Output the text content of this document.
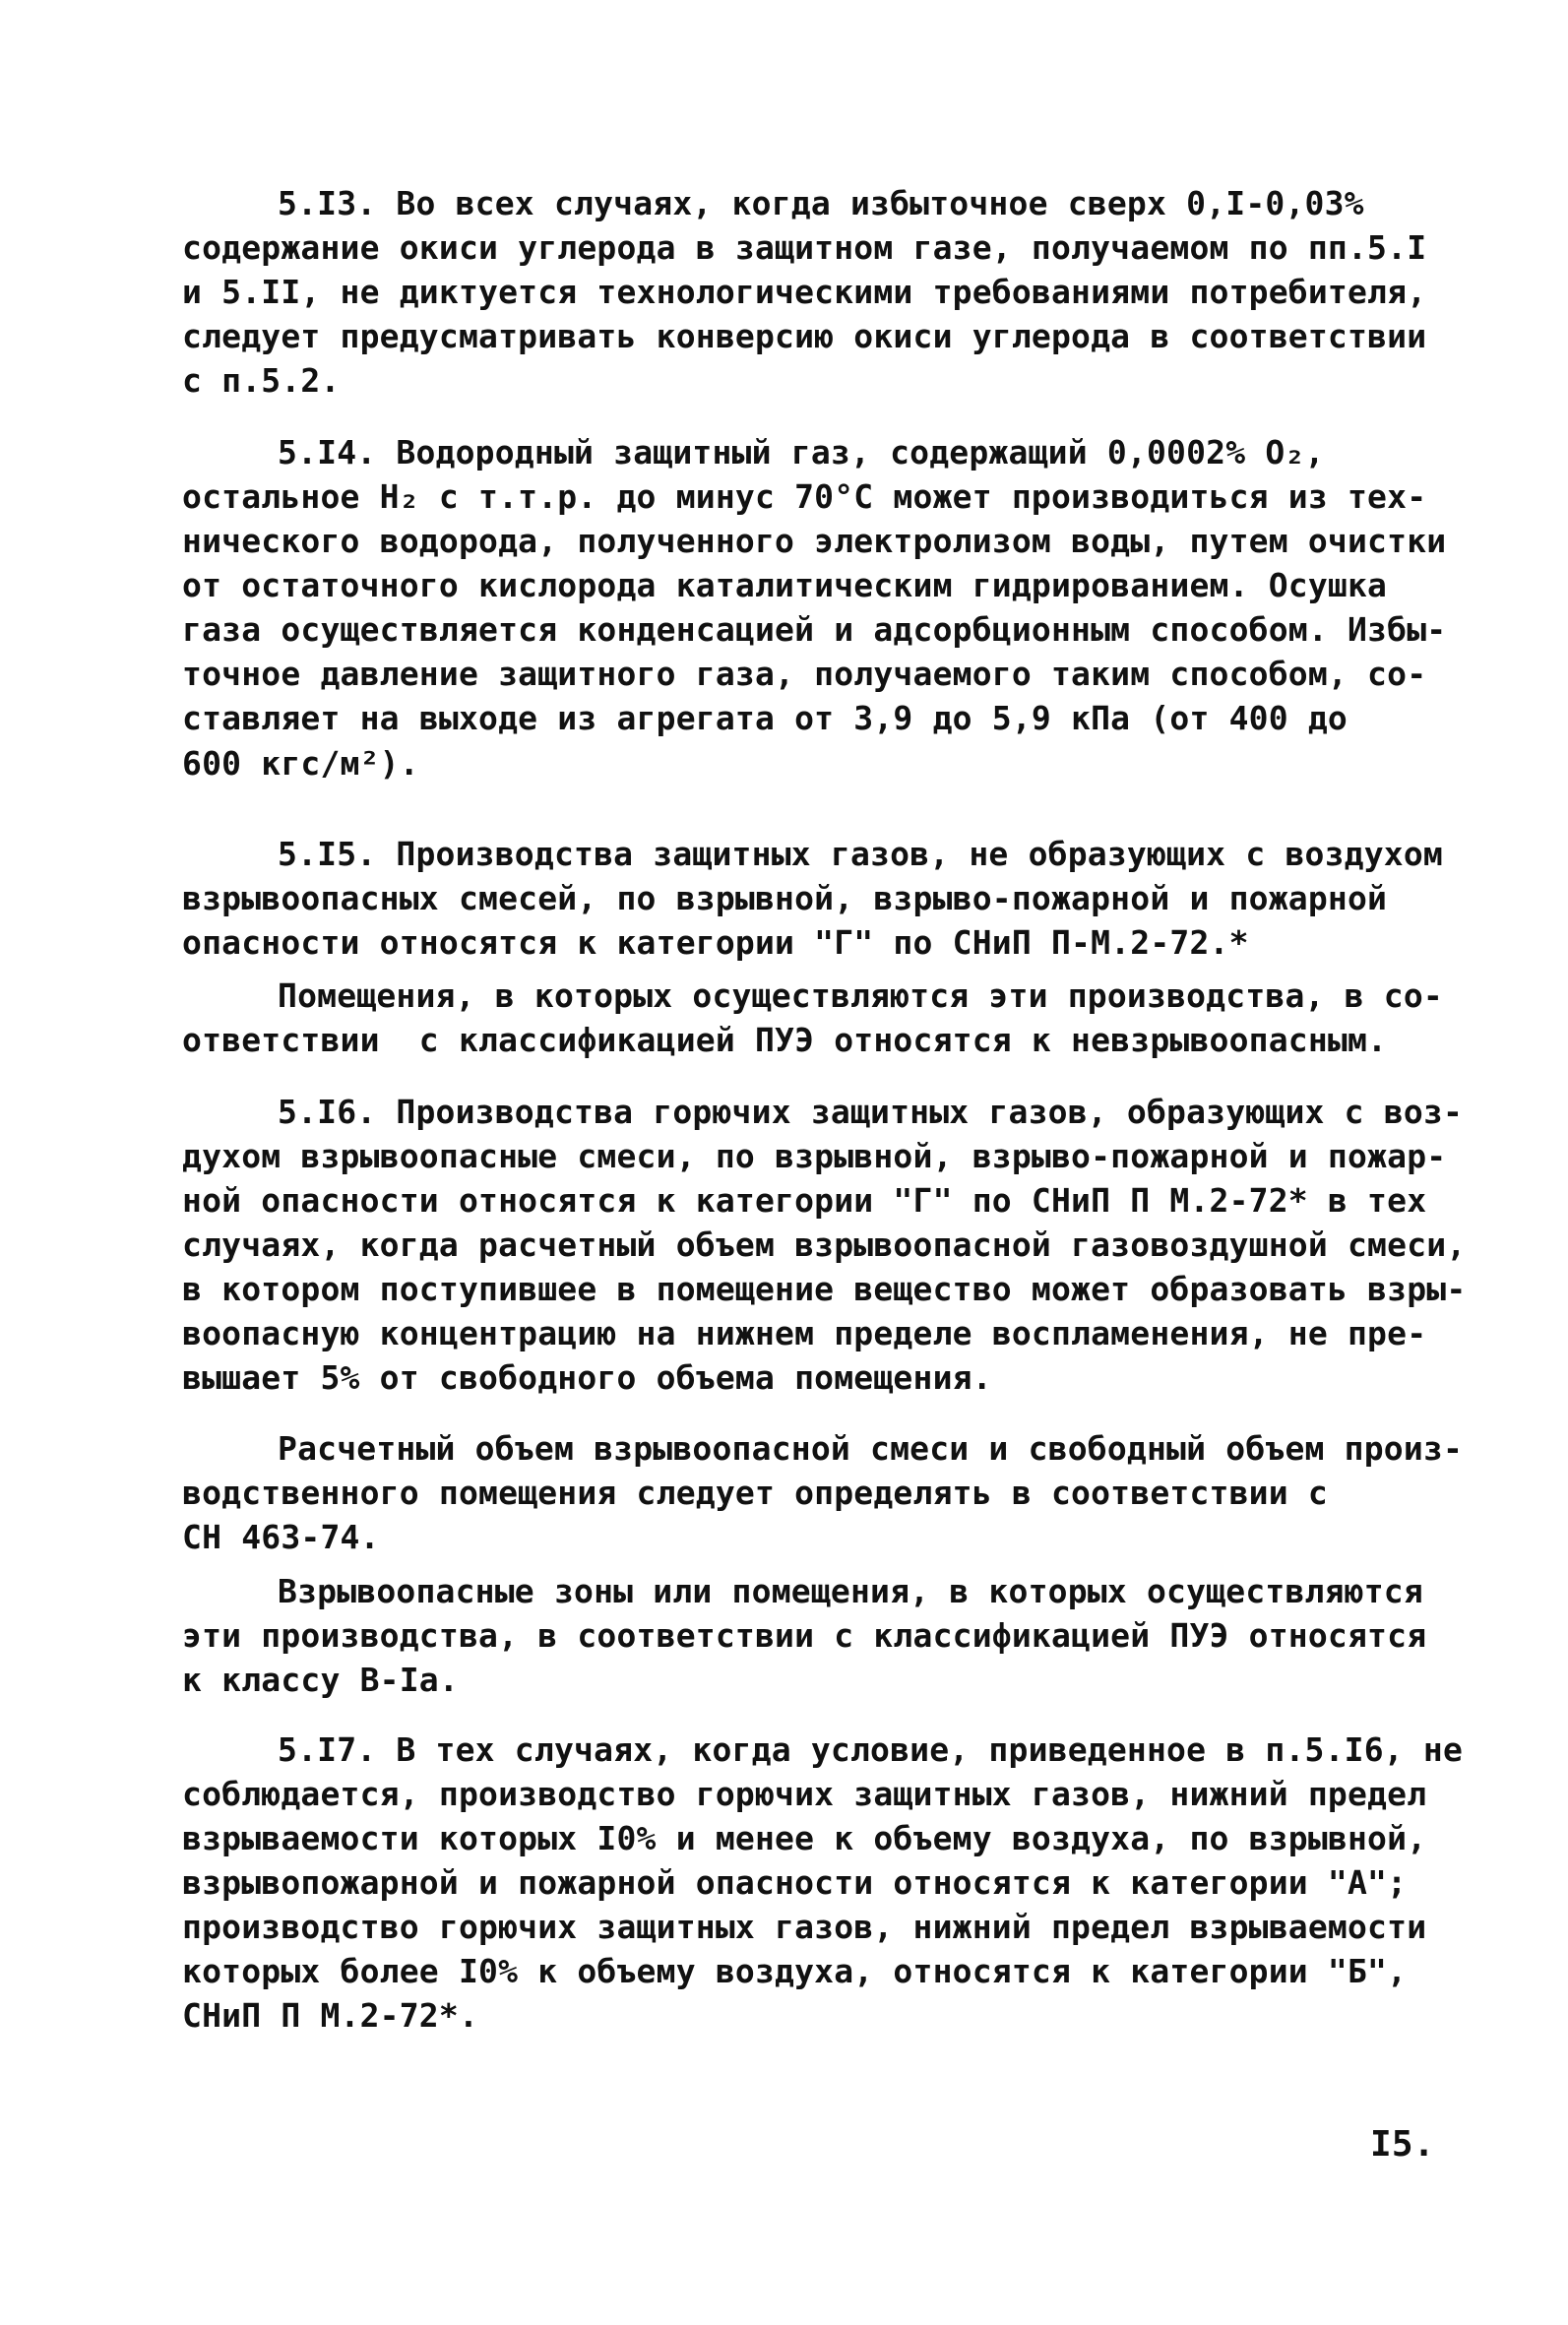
5.I3. Во всех случаях, когда избыточное сверх 0,I-0,03%
содержание окиси углерода в защитном газе, получаемом по пп.5.I
и 5.II, не диктуется технологическими требованиями потребителя,
следует предусматривать конверсию окиси углерода в соответствии
с п.5.2.
5.I4. Водородный защитный газ, содержащий 0,0002% O₂,
остальное H₂ с т.т.р. до минус 70°С может производиться из тех-
нического водорода, полученного электролизом воды, путем очистки
от остаточного кислорода каталитическим гидрированием. Осушка
газа осуществляется конденсацией и адсорбционным способом. Избы-
точное давление защитного газа, получаемого таким способом, со-
ставляет на выходе из агрегата от 3,9 до 5,9 кПа (от 400 до
600 кгс/м²).
5.I5. Производства защитных газов, не образующих с воздухом
взрывоопасных смесей, по взрывной, взрыво-пожарной и пожарной
опасности относятся к категории "Г" по СНиП П-М.2-72.*
Помещения, в которых осуществляются эти производства, в со-
ответствии  с классификацией ПУЭ относятся к невзрывоопасным.
5.I6. Производства горючих защитных газов, образующих с воз-
духом взрывоопасные смеси, по взрывной, взрыво-пожарной и пожар-
ной опасности относятся к категории "Г" по СНиП П М.2-72* в тех
случаях, когда расчетный объем взрывоопасной газовоздушной смеси,
в котором поступившее в помещение вещество может образовать взры-
воопасную концентрацию на нижнем пределе воспламенения, не пре-
вышает 5% от свободного объема помещения.
Расчетный объем взрывоопасной смеси и свободный объем произ-
водственного помещения следует определять в соответствии с
СН 463-74.
Взрывоопасные зоны или помещения, в которых осуществляются
эти производства, в соответствии с классификацией ПУЭ относятся
к классу В-Iа.
5.I7. В тех случаях, когда условие, приведенное в п.5.I6, не
соблюдается, производство горючих защитных газов, нижний предел
взрываемости которых I0% и менее к объему воздуха, по взрывной,
взрывопожарной и пожарной опасности относятся к категории "А";
производство горючих защитных газов, нижний предел взрываемости
которых более I0% к объему воздуха, относятся к категории "Б",
СНиП П М.2-72*.
I5.
